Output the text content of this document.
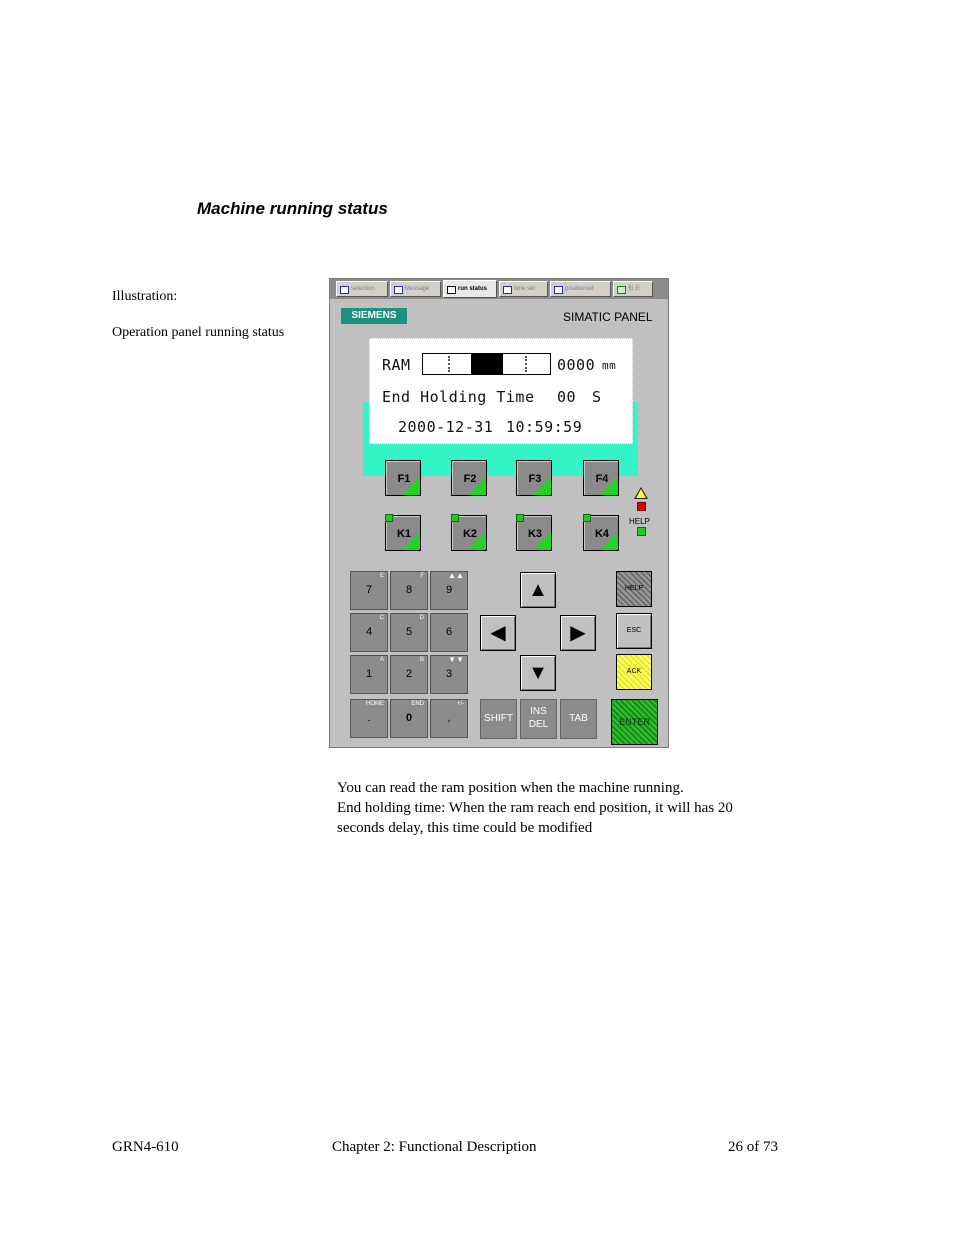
Machine running status
Illustration:
Operation panel running status
selection	Message	run status	time set	positionset	报表
SIEMENS	SIMATIC PANEL
RAM	0000 mm
End Holding Time 00 S
2000-12-31 10:59:59
F1	F2	F3	F4
HELP
K1	K2	K3	K4
E
7
F
8
▲▲
9
C
4
D
5	6
A
1
B
2
▼▼
3
HOME
.
END
0
+/-
,
▲
◀	▶
▼
SHIFT
INS
DEL
TAB
HELP
ESC
ACK
ENTER
You can read the ram position when the machine running.
End holding time: When the ram reach end position, it will has 20
seconds delay, this time could be modified
GRN4-610	Chapter 2: Functional Description	26 of 73
